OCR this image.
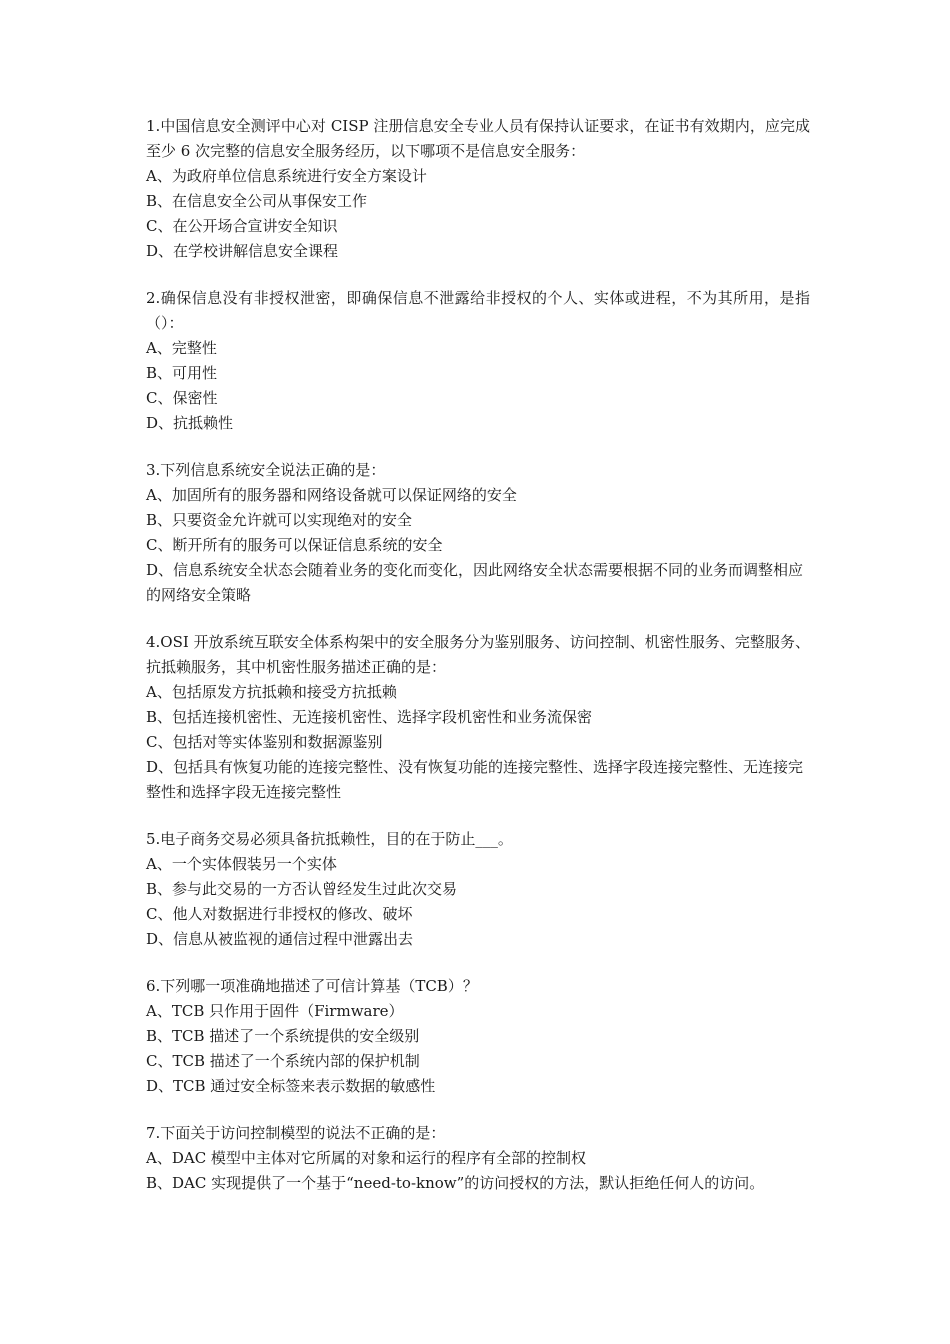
1.中国信息安全测评中心对 CISP 注册信息安全专业人员有保持认证要求，在证书有效期内，应完成至少 6 次完整的信息安全服务经历，以下哪项不是信息安全服务：
A、为政府单位信息系统进行安全方案设计
B、在信息安全公司从事保安工作
C、在公开场合宣讲安全知识
D、在学校讲解信息安全课程
2.确保信息没有非授权泄密，即确保信息不泄露给非授权的个人、实体或进程，不为其所用，是指（）：
A、完整性
B、可用性
C、保密性
D、抗抵赖性
3.下列信息系统安全说法正确的是：
A、加固所有的服务器和网络设备就可以保证网络的安全
B、只要资金允许就可以实现绝对的安全
C、断开所有的服务可以保证信息系统的安全
D、信息系统安全状态会随着业务的变化而变化，因此网络安全状态需要根据不同的业务而调整相应的网络安全策略
4.OSI 开放系统互联安全体系构架中的安全服务分为鉴别服务、访问控制、机密性服务、完整服务、抗抵赖服务，其中机密性服务描述正确的是：
A、包括原发方抗抵赖和接受方抗抵赖
B、包括连接机密性、无连接机密性、选择字段机密性和业务流保密
C、包括对等实体鉴别和数据源鉴别
D、包括具有恢复功能的连接完整性、没有恢复功能的连接完整性、选择字段连接完整性、无连接完整性和选择字段无连接完整性
5.电子商务交易必须具备抗抵赖性，目的在于防止___。
A、一个实体假装另一个实体
B、参与此交易的一方否认曾经发生过此次交易
C、他人对数据进行非授权的修改、破坏
D、信息从被监视的通信过程中泄露出去
6.下列哪一项准确地描述了可信计算基（TCB）？
A、TCB 只作用于固件（Firmware）
B、TCB 描述了一个系统提供的安全级别
C、TCB 描述了一个系统内部的保护机制
D、TCB 通过安全标签来表示数据的敏感性
7.下面关于访问控制模型的说法不正确的是：
A、DAC 模型中主体对它所属的对象和运行的程序有全部的控制权
B、DAC 实现提供了一个基于“need-to-know”的访问授权的方法，默认拒绝任何人的访问。
